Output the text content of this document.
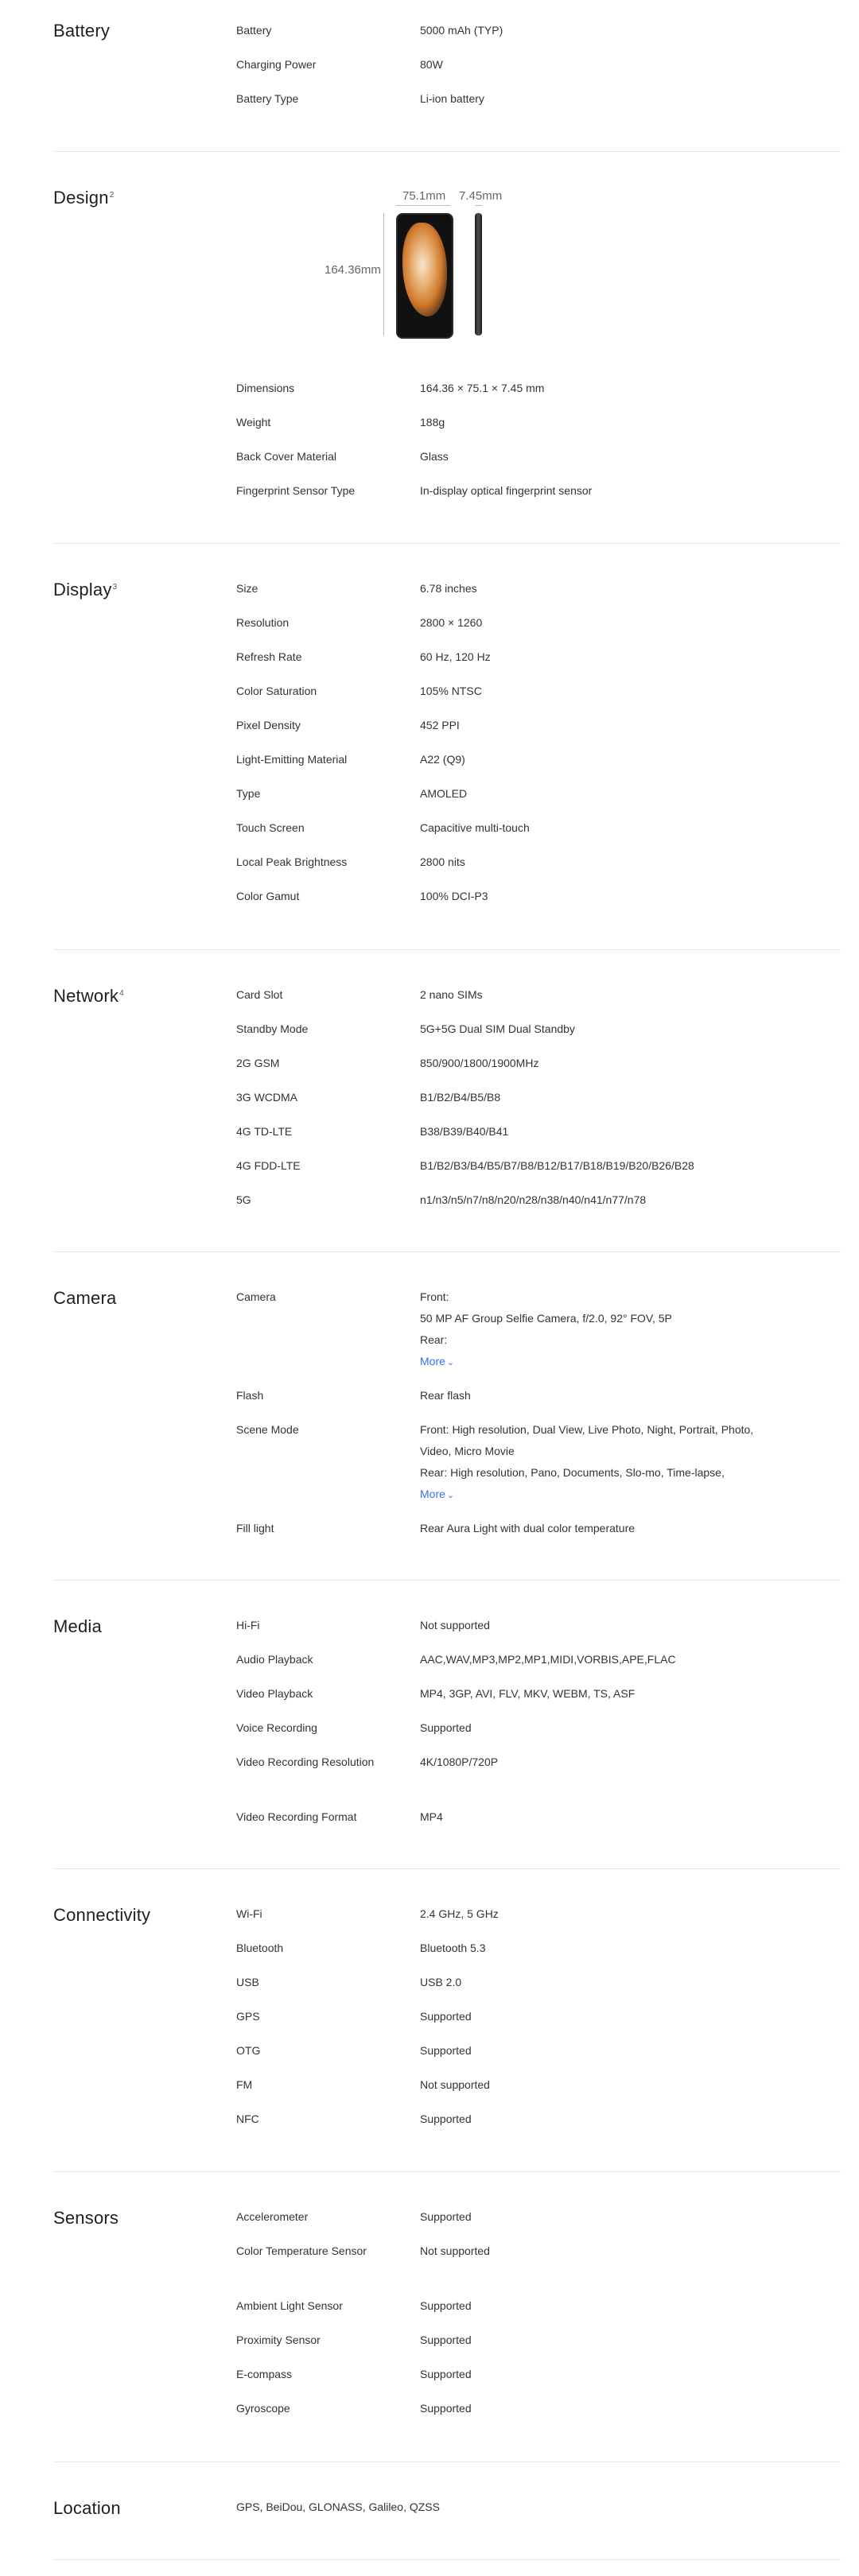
Battery	Battery	5000 mAh (TYP)
Charging Power	80W
Battery Type	Li-ion battery
Design$^2$	75.1mm 7.45mm
164.36mm
Dimensions	164.36 × 75.1 × 7.45 mm
Weight	188g
Back Cover Material	Glass
Fingerprint Sensor Type	In-display optical fingerprint sensor
Display$^3$	Size	6.78 inches
Resolution	2800 × 1260
Refresh Rate	60 Hz, 120 Hz
Color Saturation	105% NTSC
Pixel Density	452 PPI
Light-Emitting Material	A22 (Q9)
Type	AMOLED
Touch Screen	Capacitive multi-touch
Local Peak Brightness	2800 nits
Color Gamut	100% DCI-P3
Network$^4$	Card Slot	2 nano SIMs
Standby Mode	5G+5G Dual SIM Dual Standby
2G GSM	850/900/1800/1900MHz
3G WCDMA	B1/B2/B4/B5/B8
4G TD-LTE	B38/B39/B40/B41
4G FDD-LTE	B1/B2/B3/B4/B5/B7/B8/B12/B17/B18/B19/B20/B26/B28
5G	n1/n3/n5/n7/n8/n20/n28/n38/n40/n41/n77/n78
Camera	Camera	Front:
50 MP AF Group Selfie Camera, f/2.0, 92° FOV, 5P
Rear:
More ⌄
Flash	Rear flash
Scene Mode	Front: High resolution, Dual View, Live Photo, Night, Portrait, Photo,
Video, Micro Movie
Rear: High resolution, Pano, Documents, Slo-mo, Time-lapse,
More ⌄
Fill light	Rear Aura Light with dual color temperature
Media	Hi-Fi	Not supported
Audio Playback	AAC,WAV,MP3,MP2,MP1,MIDI,VORBIS,APE,FLAC
Video Playback	MP4, 3GP, AVI, FLV, MKV, WEBM, TS, ASF
Voice Recording	Supported
Video Recording Resolution	4K/1080P/720P
Video Recording Format	MP4
Connectivity	Wi-Fi	2.4 GHz, 5 GHz
Bluetooth	Bluetooth 5.3
USB	USB 2.0
GPS	Supported
OTG	Supported
FM	Not supported
NFC	Supported
Sensors	Accelerometer	Supported
Color Temperature Sensor	Not supported
Ambient Light Sensor	Supported
Proximity Sensor	Supported
E-compass	Supported
Gyroscope	Supported
Location	GPS, BeiDou, GLONASS, Galileo, QZSS
